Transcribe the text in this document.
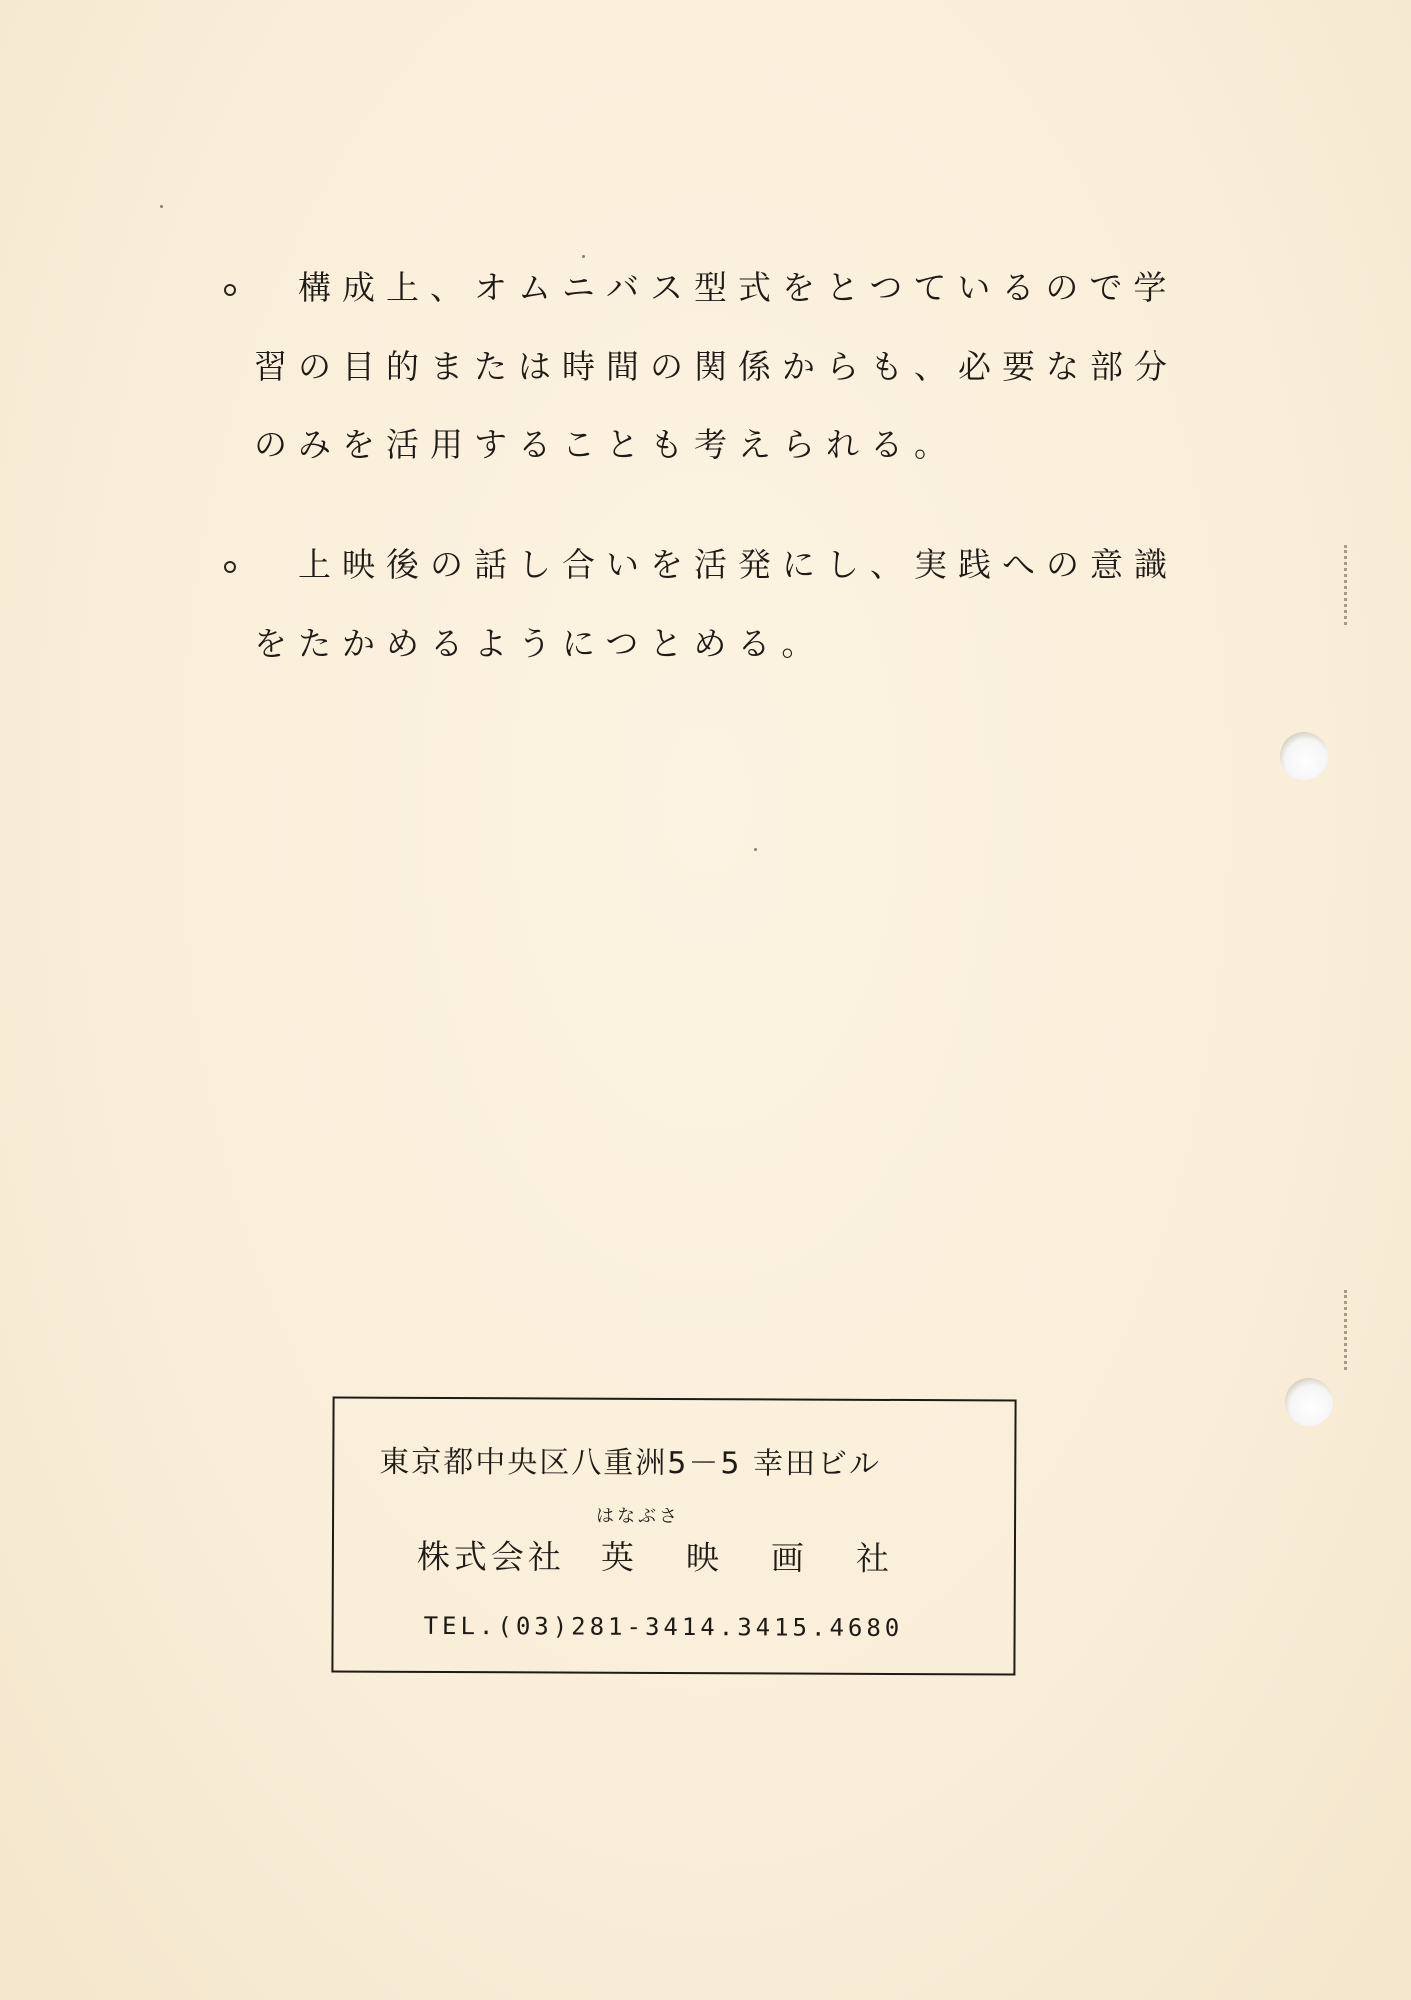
構成上、オムニバス型式をとつているので学
習の目的または時間の関係からも、必要な部分
のみを活用することも考えられる。
上映後の話し合いを活発にし、実践への意識
をたかめるようにつとめる。
東京都中央区八重洲5－5 幸田ビル
はなぶさ
株式会社 英映画社
TEL.(03)281-3414.3415.4680
